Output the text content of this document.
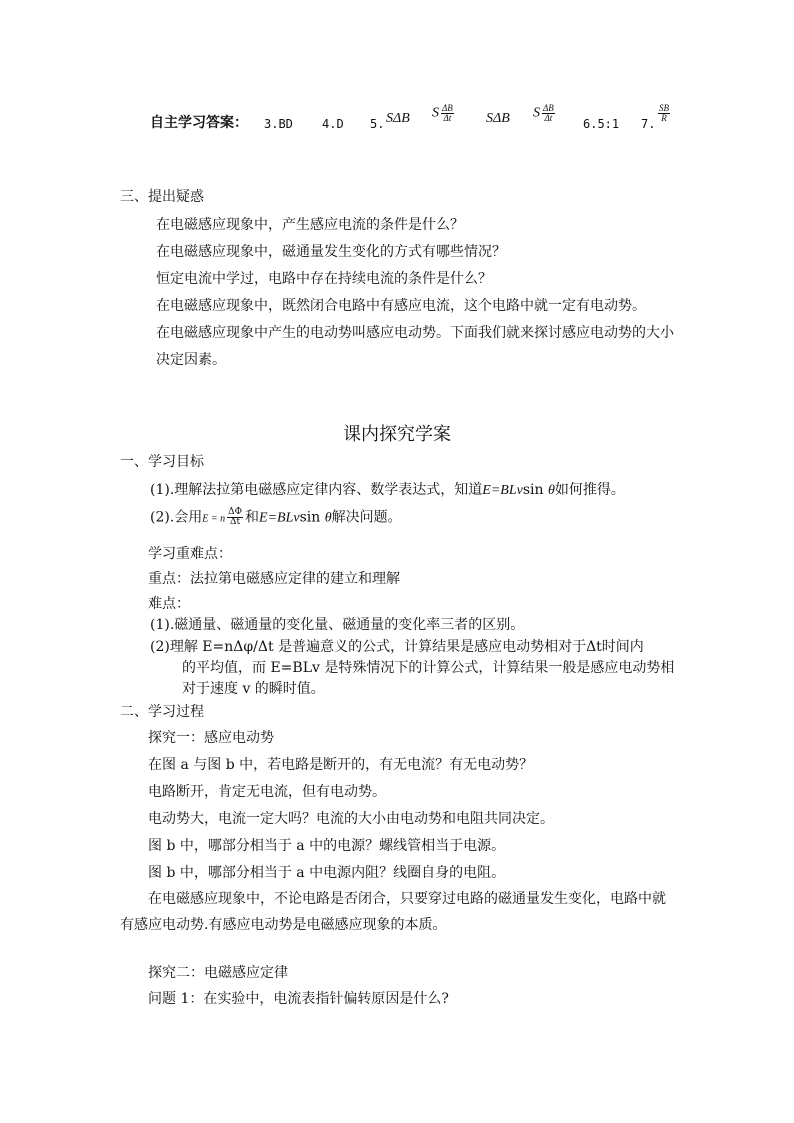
自主学习答案： 3.BD 4.D 5. SΔB S $\frac{\Delta B}{\Delta t}$ SΔB S $\frac{\Delta B}{\Delta t}$
6.5:1 7.
$\frac{SB}{R}$
三、提出疑惑
在电磁感应现象中，产生感应电流的条件是什么？
在电磁感应现象中，磁通量发生变化的方式有哪些情况？
恒定电流中学过，电路中存在持续电流的条件是什么？
在电磁感应现象中，既然闭合电路中有感应电流，这个电路中就一定有电动势。
在电磁感应现象中产生的电动势叫感应电动势。下面我们就来探讨感应电动势的大小
决定因素。
课内探究学案
一、学习目标
(1).理解法拉第电磁感应定律内容、数学表达式，知道E=BLvsin θ如何推得。
(2).会用E = n $\frac{\Delta\Phi}{\Delta t}$ 和E=BLvsin θ解决问题。
学习重难点：
重点：法拉第电磁感应定律的建立和理解
难点：
(1).磁通量、磁通量的变化量、磁通量的变化率三者的区别。
(2)理解 E=nΔφ/Δt 是普遍意义的公式，计算结果是感应电动势相对于Δt时间内
的平均值，而 E=BLv 是特殊情况下的计算公式，计算结果一般是感应电动势相
对于速度 v 的瞬时值。
二、学习过程
探究一：感应电动势
在图 a 与图 b 中，若电路是断开的，有无电流？有无电动势？
电路断开，肯定无电流，但有电动势。
电动势大，电流一定大吗？电流的大小由电动势和电阻共同决定。
图 b 中，哪部分相当于 a 中的电源？螺线管相当于电源。
图 b 中，哪部分相当于 a 中电源内阻？线圈自身的电阻。
在电磁感应现象中，不论电路是否闭合，只要穿过电路的磁通量发生变化，电路中就
有感应电动势.有感应电动势是电磁感应现象的本质。
探究二：电磁感应定律
问题 1：在实验中，电流表指针偏转原因是什么?
